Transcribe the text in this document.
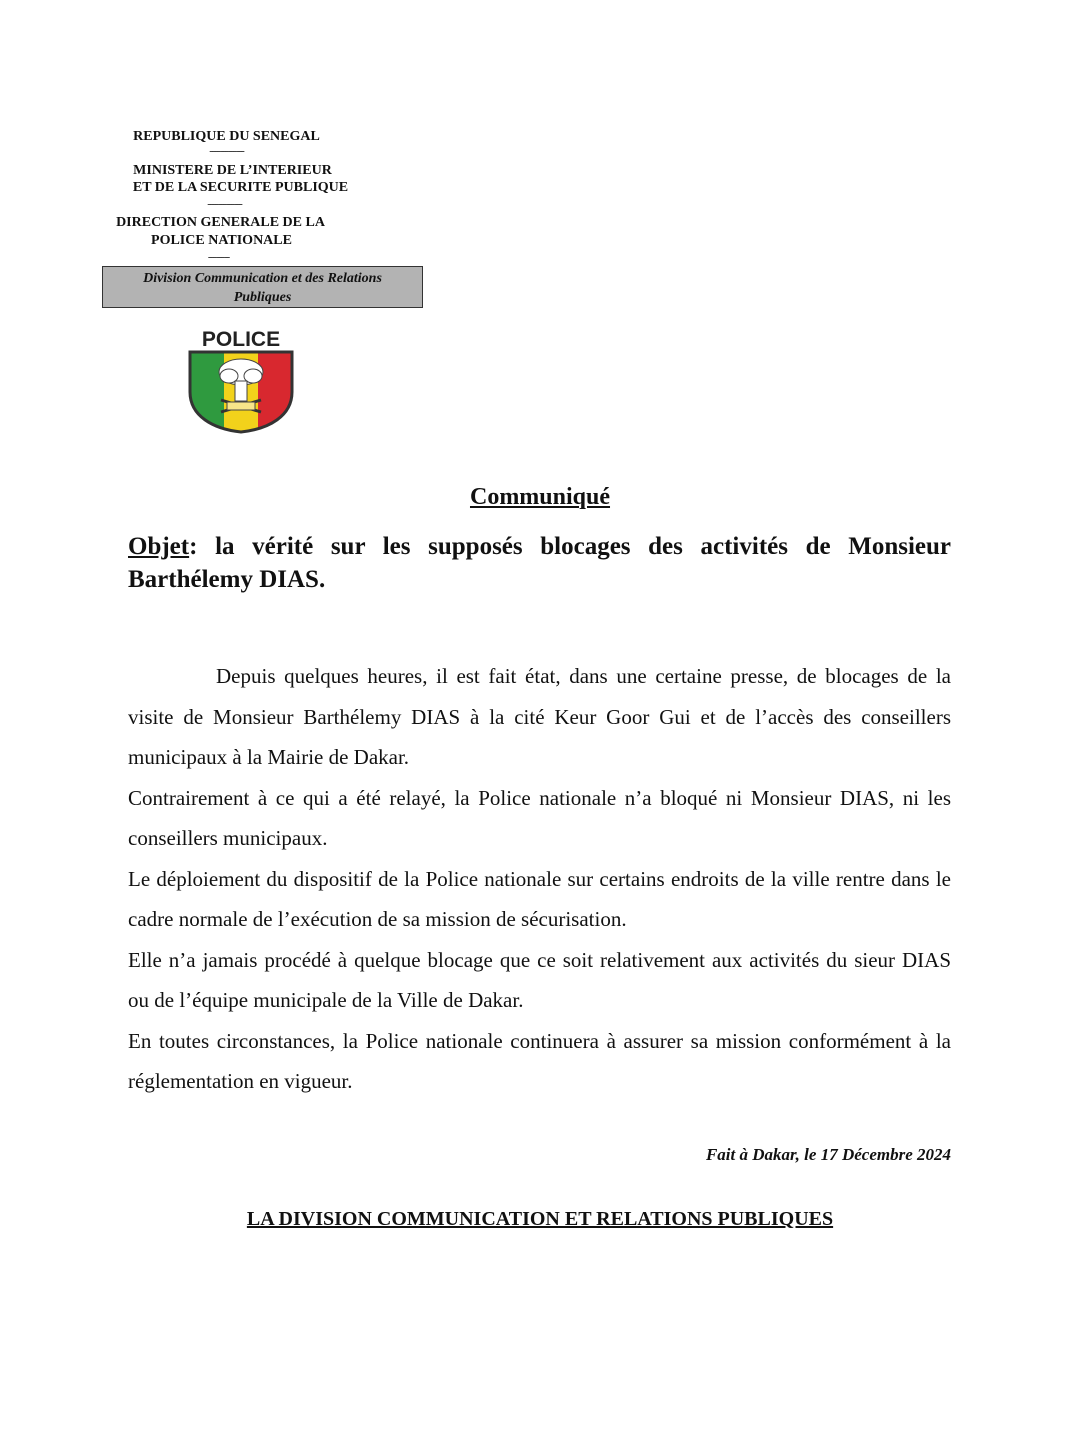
REPUBLIQUE DU SENEGAL
-------------
MINISTERE DE L’INTERIEUR
ET DE LA SECURITE PUBLIQUE
-------------
DIRECTION GENERALE DE LA
POLICE NATIONALE
--------
Division Communication et des Relations
Publiques
POLICE
Communiqué
Objet: la vérité sur les supposés blocages des activités de Monsieur Barthélemy DIAS.

Depuis quelques heures, il est fait état, dans une certaine presse, de blocages de la visite de Monsieur Barthélemy DIAS à la cité Keur Goor Gui et de l’accès des conseillers municipaux à la Mairie de Dakar.

Contrairement à ce qui a été relayé, la Police nationale n’a bloqué ni Monsieur DIAS, ni les conseillers municipaux.

Le déploiement du dispositif de la Police nationale sur certains endroits de la ville rentre dans le cadre normale de l’exécution de sa mission de sécurisation.

Elle n’a jamais procédé à quelque blocage que ce soit relativement aux activités du sieur DIAS ou de l’équipe municipale de la Ville de Dakar.

En toutes circonstances, la Police nationale continuera à assurer sa mission conformément à la réglementation en vigueur.

Fait à Dakar, le 17 Décembre 2024
LA DIVISION COMMUNICATION ET RELATIONS PUBLIQUES
